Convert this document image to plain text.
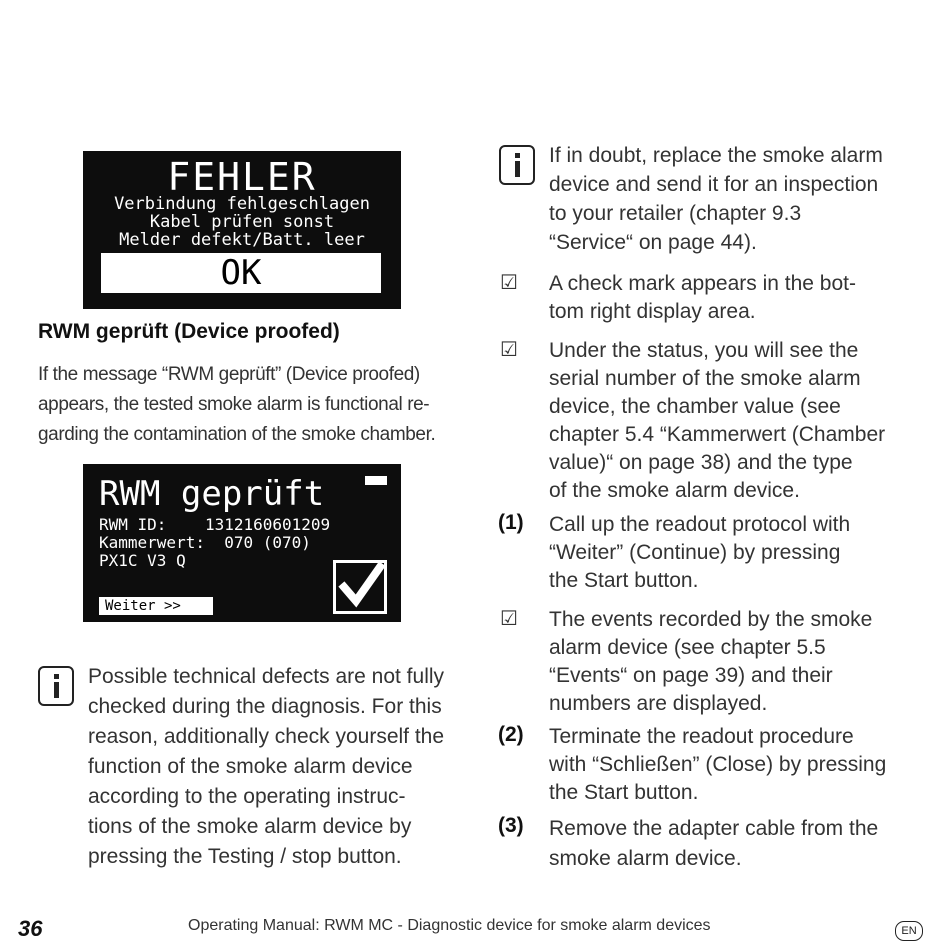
FEHLER
Verbindung fehlgeschlagen
Kabel prüfen sonst
Melder defekt/Batt. leer
OK
RWM geprüft (Device proofed)
If the message “RWM geprüft” (Device proofed)
appears, the tested smoke alarm is functional re-
garding the contamination of the smoke chamber.
RWM geprüft
RWM ID:    1312160601209
Kammerwert:  070 (070)
PX1C V3 Q
Weiter >>
Possible technical defects are not fully
checked during the diagnosis. For this
reason, additionally check yourself the
function of the smoke alarm device
according to the operating instruc-
tions of the smoke alarm device by
pressing the Testing / stop button.
If in doubt, replace the smoke alarm
device and send it for an inspection
to your retailer (chapter 9.3
“Service“ on page 44).
☑ A check mark appears in the bot-
tom right display area.
☑ Under the status, you will see the
serial number of the smoke alarm
device, the chamber value (see
chapter 5.4 “Kammerwert (Chamber
value)“ on page 38) and the type
of the smoke alarm device.
(1) Call up the readout protocol with
“Weiter” (Continue) by pressing
the Start button.
☑ The events recorded by the smoke
alarm device (see chapter 5.5
“Events“ on page 39) and their
numbers are displayed.
(2) Terminate the readout procedure
with “Schließen” (Close) by pressing
the Start button.
(3) Remove the adapter cable from the
smoke alarm device.
36	Operating Manual: RWM MC - Diagnostic device for smoke alarm devices	EN
